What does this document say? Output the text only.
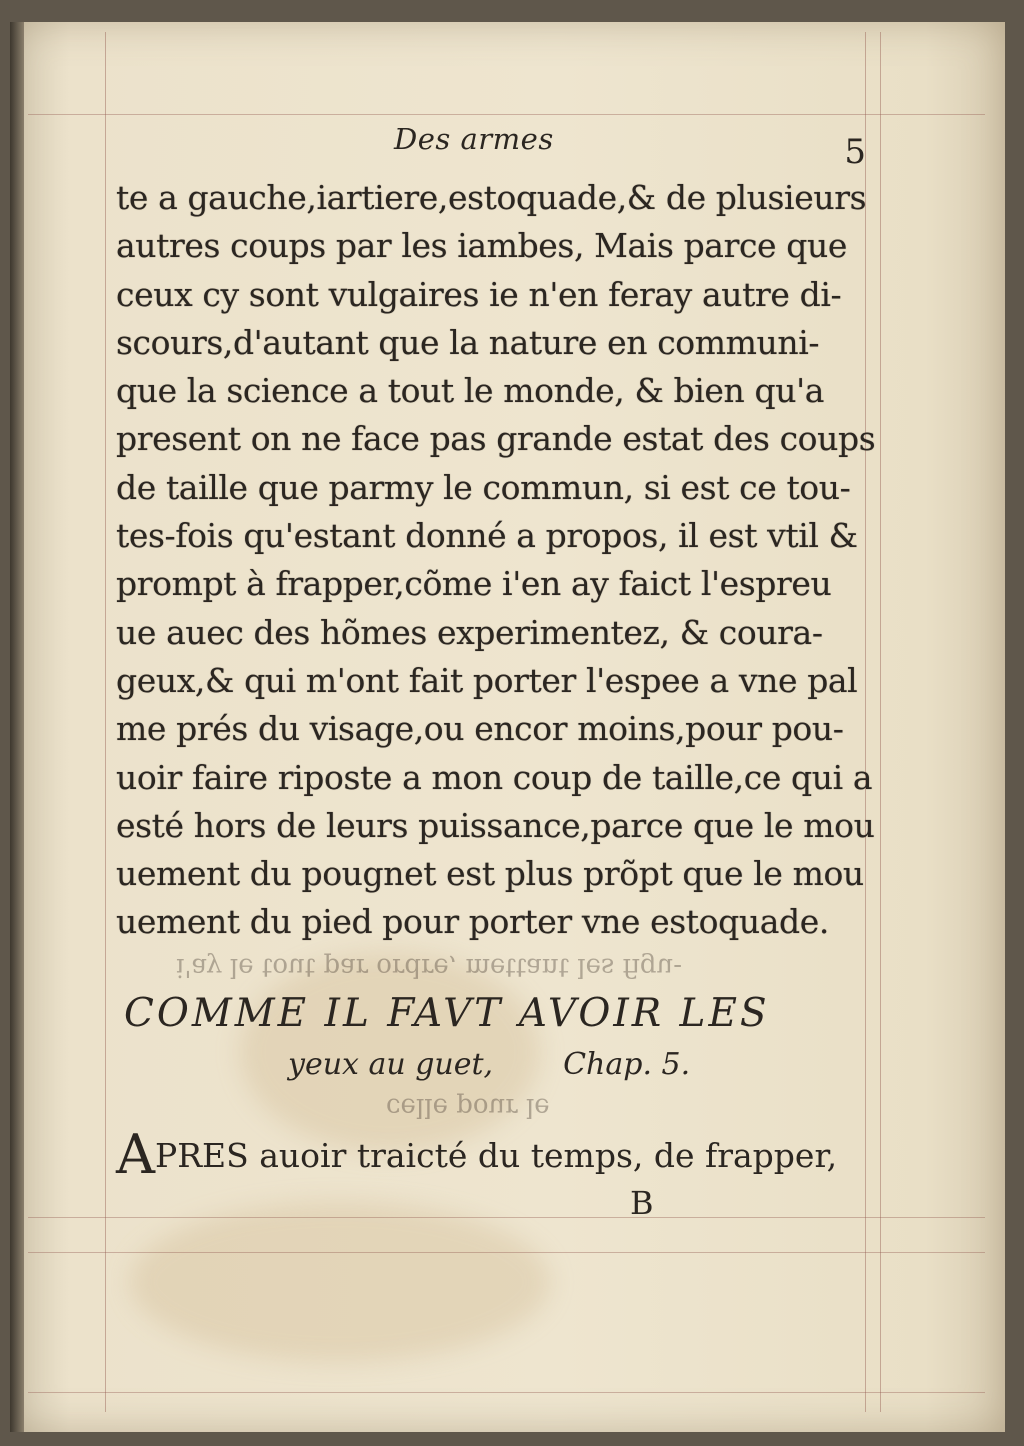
Des armes	5
te a gauche,iartiere,estoquade,& de plusieurs
autres coups par les iambes, Mais parce que
ceux cy sont vulgaires ie n'en feray autre di-
scours,d'autant que la nature en communi-
que la science a tout le monde, & bien qu'a
present on ne face pas grande estat des coups
de taille que parmy le commun, si est ce tou-
tes-fois qu'estant donné a propos, il est vtil &
prompt à frapper,cõme i'en ay faict l'espreu
ue auec des hõmes experimentez, & coura-
geux,& qui m'ont fait porter l'espee a vne pal
me prés du visage,ou encor moins,pour pou-
uoir faire riposte a mon coup de taille,ce qui a
esté hors de leurs puissance,parce que le mou
uement du pougnet est plus prõpt que le mou
uement du pied pour porter vne estoquade.
i'ay le tout par ordre, mettant les figu-
COMME IL FAVT AVOIR LES
yeux au guet, Chap. 5.
celle pour le
APRES auoir traicté du temps, de frapper,
B
